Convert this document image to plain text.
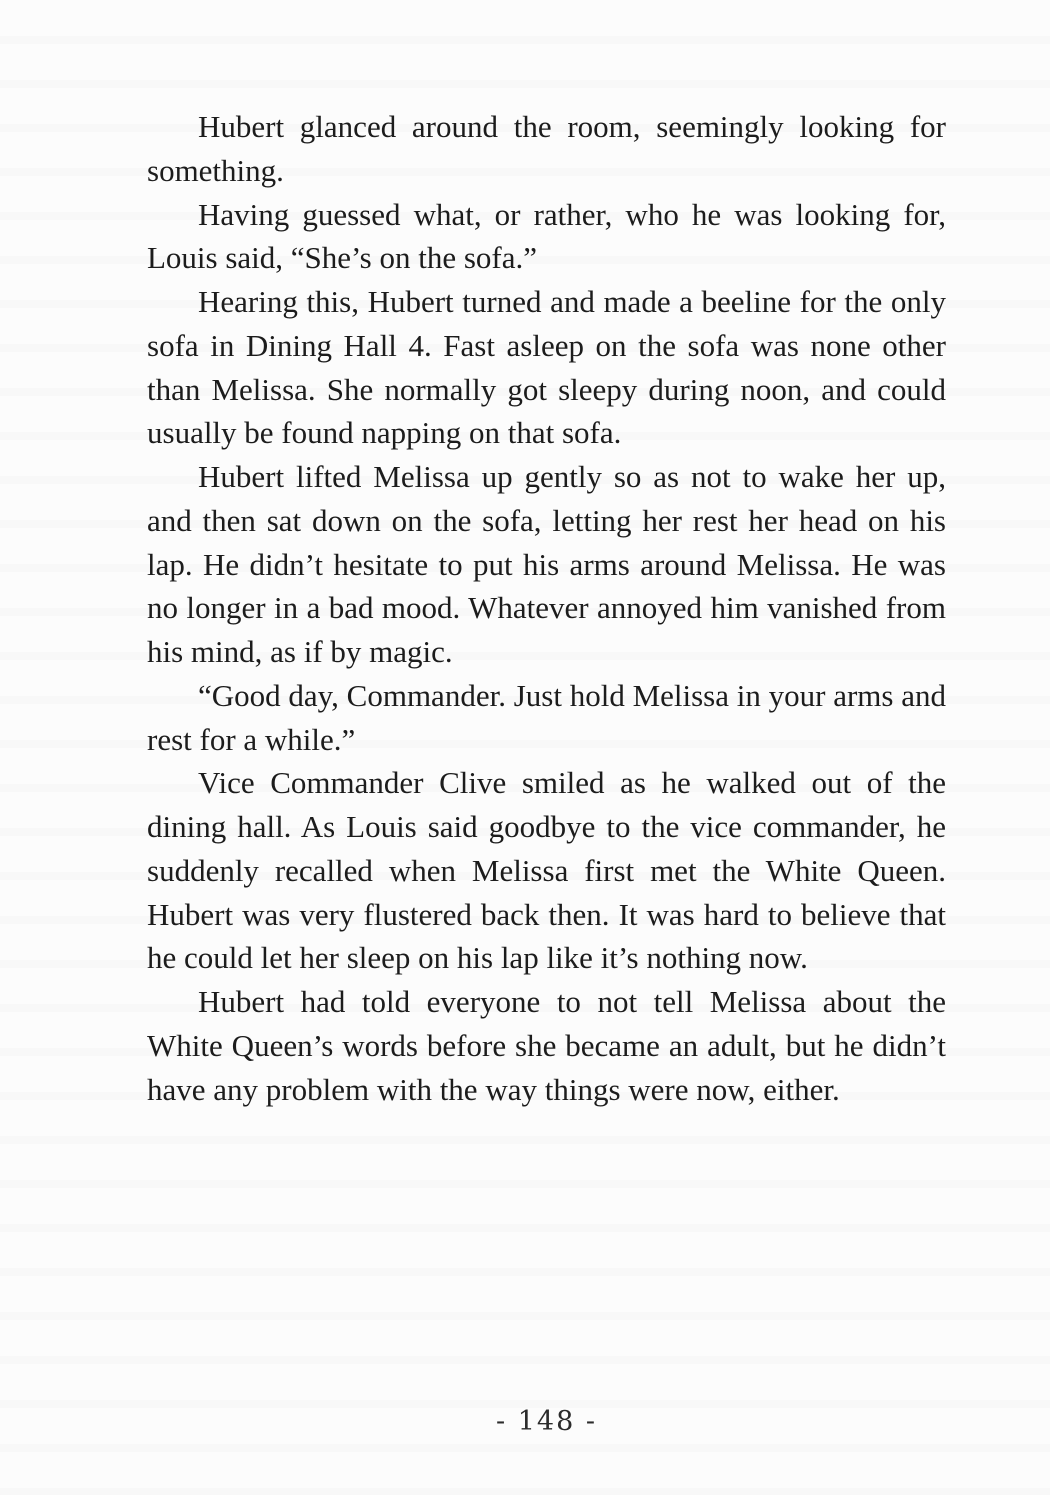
Hubert glanced around the room, seemingly looking for something.

Having guessed what, or rather, who he was looking for, Louis said, “She’s on the sofa.”

Hearing this, Hubert turned and made a beeline for the only sofa in Dining Hall 4. Fast asleep on the sofa was none other than Melissa. She normally got sleepy during noon, and could usually be found napping on that sofa.

Hubert lifted Melissa up gently so as not to wake her up, and then sat down on the sofa, letting her rest her head on his lap. He didn’t hesitate to put his arms around Melissa. He was no longer in a bad mood. Whatever annoyed him vanished from his mind, as if by magic.

“Good day, Commander. Just hold Melissa in your arms and rest for a while.”

Vice Commander Clive smiled as he walked out of the dining hall. As Louis said goodbye to the vice commander, he suddenly recalled when Melissa first met the White Queen. Hubert was very flustered back then. It was hard to believe that he could let her sleep on his lap like it’s nothing now.

Hubert had told everyone to not tell Melissa about the White Queen’s words before she became an adult, but he didn’t have any problem with the way things were now, either.

- 148 -
